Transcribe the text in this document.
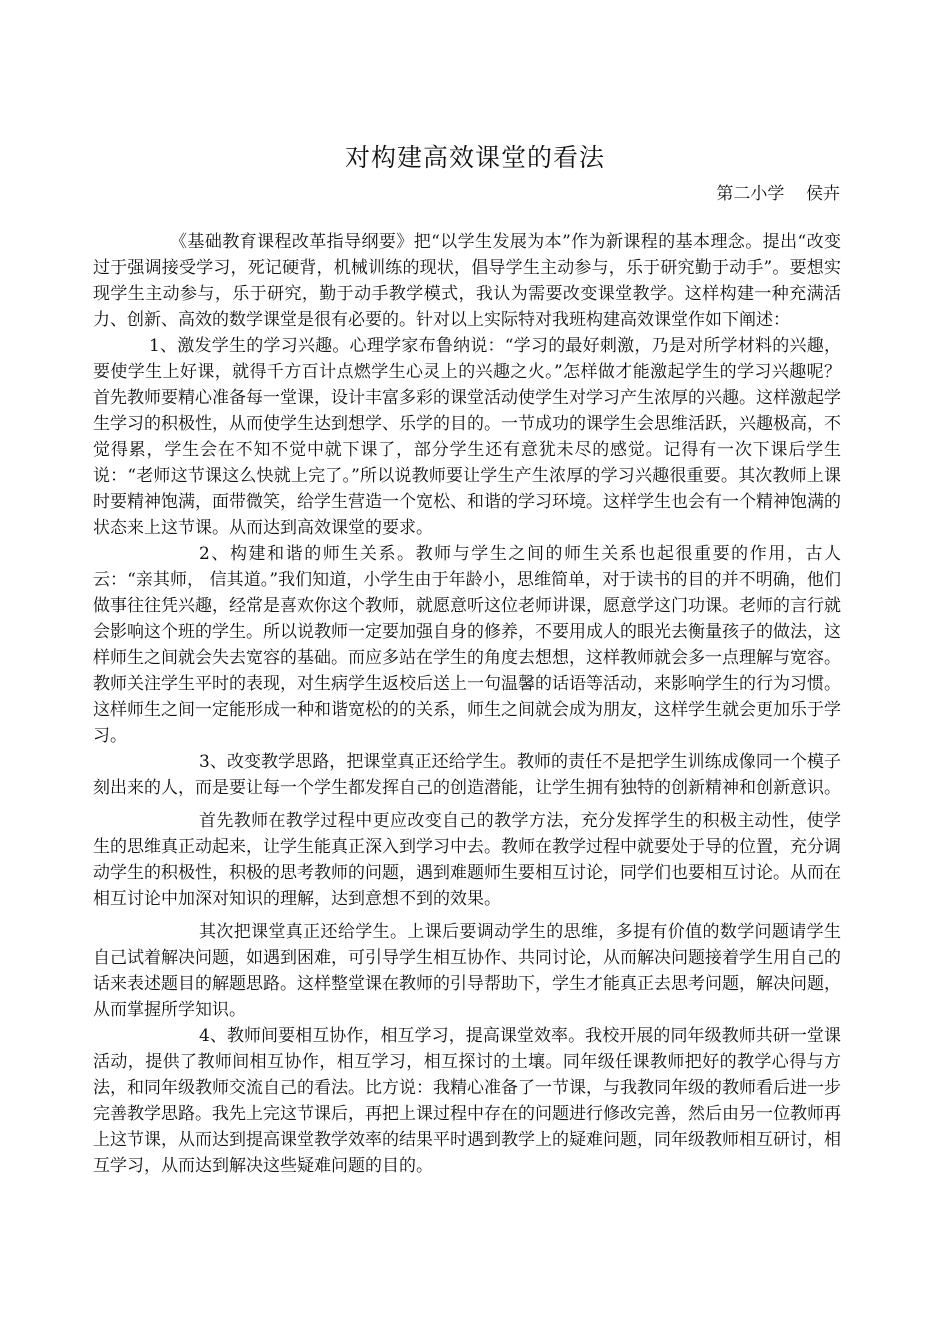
对构建高效课堂的看法
第二小学    侯卉

《基础教育课程改革指导纲要》把“以学生发展为本”作为新课程的基本理念。提出“改变过于强调接受学习，死记硬背，机械训练的现状，倡导学生主动参与，乐于研究勤于动手”。要想实现学生主动参与，乐于研究，勤于动手教学模式，我认为需要改变课堂教学。这样构建一种充满活力、创新、高效的数学课堂是很有必要的。针对以上实际特对我班构建高效课堂作如下阐述：

1、激发学生的学习兴趣。心理学家布鲁纳说：“学习的最好刺激，乃是对所学材料的兴趣，要使学生上好课，就得千方百计点燃学生心灵上的兴趣之火。”怎样做才能激起学生的学习兴趣呢？首先教师要精心准备每一堂课，设计丰富多彩的课堂活动使学生对学习产生浓厚的兴趣。这样激起学生学习的积极性，从而使学生达到想学、乐学的目的。一节成功的课学生会思维活跃，兴趣极高，不觉得累，学生会在不知不觉中就下课了，部分学生还有意犹未尽的感觉。记得有一次下课后学生说：“老师这节课这么快就上完了。”所以说教师要让学生产生浓厚的学习兴趣很重要。其次教师上课时要精神饱满，面带微笑，给学生营造一个宽松、和谐的学习环境。这样学生也会有一个精神饱满的状态来上这节课。从而达到高效课堂的要求。

2、构建和谐的师生关系。教师与学生之间的师生关系也起很重要的作用，古人云：“亲其师， 信其道。”我们知道，小学生由于年龄小，思维简单，对于读书的目的并不明确，他们做事往往凭兴趣，经常是喜欢你这个教师，就愿意听这位老师讲课，愿意学这门功课。老师的言行就会影响这个班的学生。所以说教师一定要加强自身的修养，不要用成人的眼光去衡量孩子的做法，这样师生之间就会失去宽容的基础。而应多站在学生的角度去想想，这样教师就会多一点理解与宽容。教师关注学生平时的表现，对生病学生返校后送上一句温馨的话语等活动，来影响学生的行为习惯。这样师生之间一定能形成一种和谐宽松的的关系，师生之间就会成为朋友，这样学生就会更加乐于学习。

3、改变教学思路，把课堂真正还给学生。教师的责任不是把学生训练成像同一个模子刻出来的人，而是要让每一个学生都发挥自己的创造潜能，让学生拥有独特的创新精神和创新意识。

首先教师在教学过程中更应改变自己的教学方法，充分发挥学生的积极主动性，使学生的思维真正动起来，让学生能真正深入到学习中去。教师在教学过程中就要处于导的位置，充分调动学生的积极性，积极的思考教师的问题，遇到难题师生要相互讨论，同学们也要相互讨论。从而在相互讨论中加深对知识的理解，达到意想不到的效果。

其次把课堂真正还给学生。上课后要调动学生的思维，多提有价值的数学问题请学生自己试着解决问题，如遇到困难，可引导学生相互协作、共同讨论，从而解决问题接着学生用自己的话来表述题目的解题思路。这样整堂课在教师的引导帮助下，学生才能真正去思考问题，解决问题，从而掌握所学知识。

4、教师间要相互协作，相互学习，提高课堂效率。我校开展的同年级教师共研一堂课活动，提供了教师间相互协作，相互学习，相互探讨的土壤。同年级任课教师把好的教学心得与方法，和同年级教师交流自己的看法。比方说：我精心准备了一节课，与我教同年级的教师看后进一步完善教学思路。我先上完这节课后，再把上课过程中存在的问题进行修改完善，然后由另一位教师再上这节课，从而达到提高课堂教学效率的结果平时遇到教学上的疑难问题，同年级教师相互研讨，相互学习，从而达到解决这些疑难问题的目的。
